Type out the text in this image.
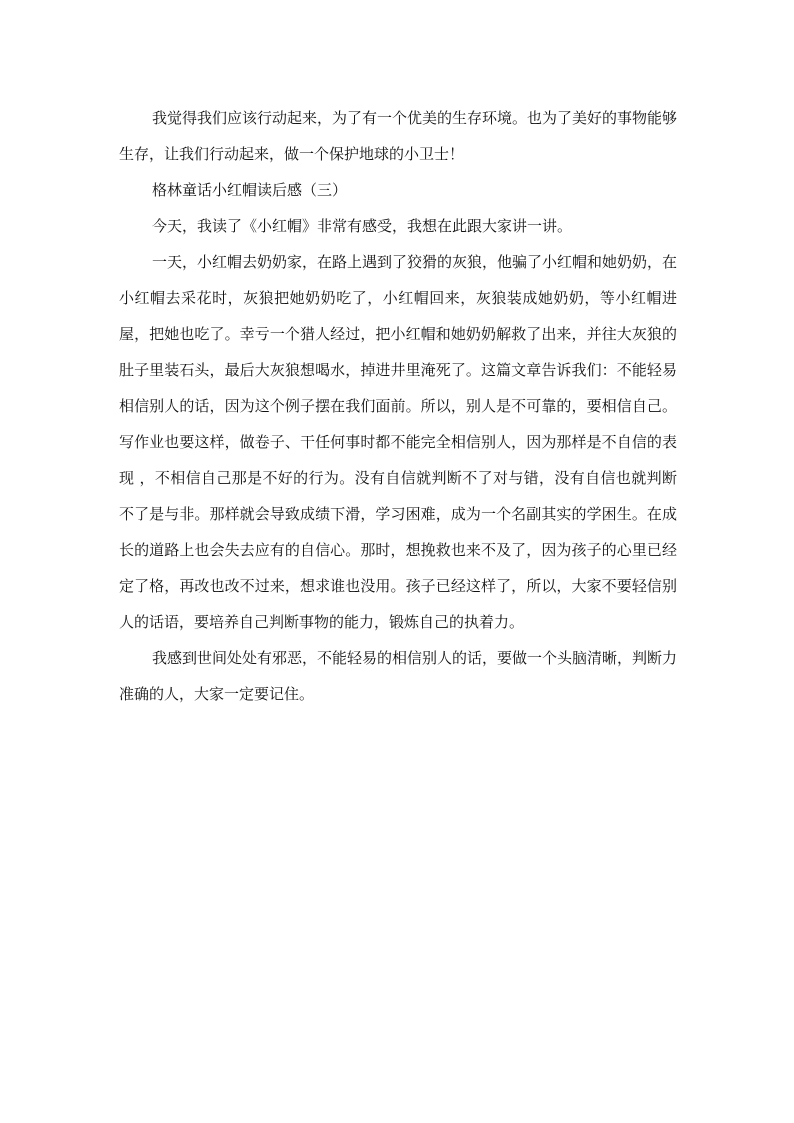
我觉得我们应该行动起来，为了有一个优美的生存环境。也为了美好的事物能够生存，让我们行动起来，做一个保护地球的小卫士！

格林童话小红帽读后感（三）

今天，我读了《小红帽》非常有感受，我想在此跟大家讲一讲。

一天，小红帽去奶奶家，在路上遇到了狡猾的灰狼，他骗了小红帽和她奶奶，在小红帽去采花时，灰狼把她奶奶吃了，小红帽回来，灰狼装成她奶奶，等小红帽进屋，把她也吃了。幸亏一个猎人经过，把小红帽和她奶奶解救了出来，并往大灰狼的肚子里装石头，最后大灰狼想喝水，掉进井里淹死了。这篇文章告诉我们：不能轻易相信别人的话，因为这个例子摆在我们面前。所以，别人是不可靠的，要相信自己。写作业也要这样，做卷子、干任何事时都不能完全相信别人，因为那样是不自信的表现 ，不相信自己那是不好的行为。没有自信就判断不了对与错，没有自信也就判断不了是与非。那样就会导致成绩下滑，学习困难，成为一个名副其实的学困生。在成长的道路上也会失去应有的自信心。那时，想挽救也来不及了，因为孩子的心里已经定了格，再改也改不过来，想求谁也没用。孩子已经这样了，所以，大家不要轻信别人的话语，要培养自己判断事物的能力，锻炼自己的执着力。

我感到世间处处有邪恶，不能轻易的相信别人的话，要做一个头脑清晰，判断力准确的人，大家一定要记住。
